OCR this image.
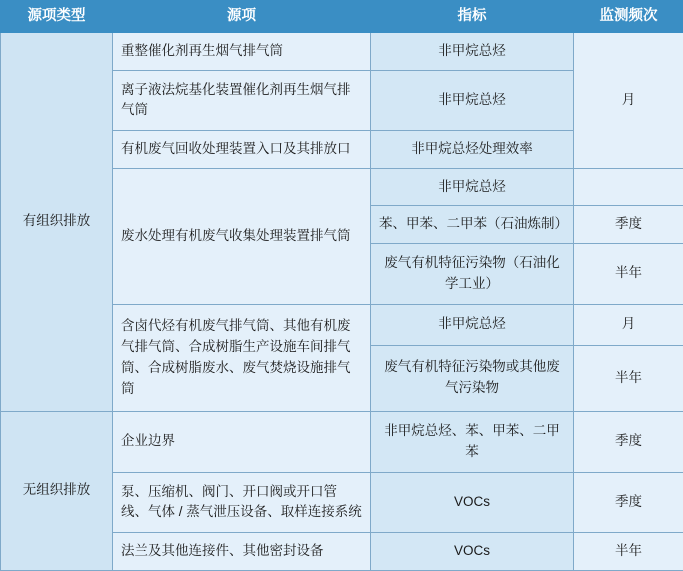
源项类型	源项	指标	监测频次
有组织排放	重整催化剂再生烟气排气筒	非甲烷总烃	月
	离子液法烷基化装置催化剂再生烟气排气筒	非甲烷总烃	
	有机废气回收处理装置入口及其排放口	非甲烷总烃处理效率	
	废水处理有机废气收集处理装置排气筒	非甲烷总烃	
		苯、甲苯、二甲苯（石油炼制）	季度
		废气有机特征污染物（石油化学工业）	半年
	含卤代烃有机废气排气筒、其他有机废气排气筒、合成树脂生产设施车间排气筒、合成树脂废水、废气焚烧设施排气筒	非甲烷总烃	月
		废气有机特征污染物或其他废气污染物	半年
无组织排放	企业边界	非甲烷总烃、苯、甲苯、二甲苯	季度
	泵、压缩机、阀门、开口阀或开口管线、气体 / 蒸气泄压设备、取样连接系统	VOCs	季度
	法兰及其他连接件、其他密封设备	VOCs	半年
